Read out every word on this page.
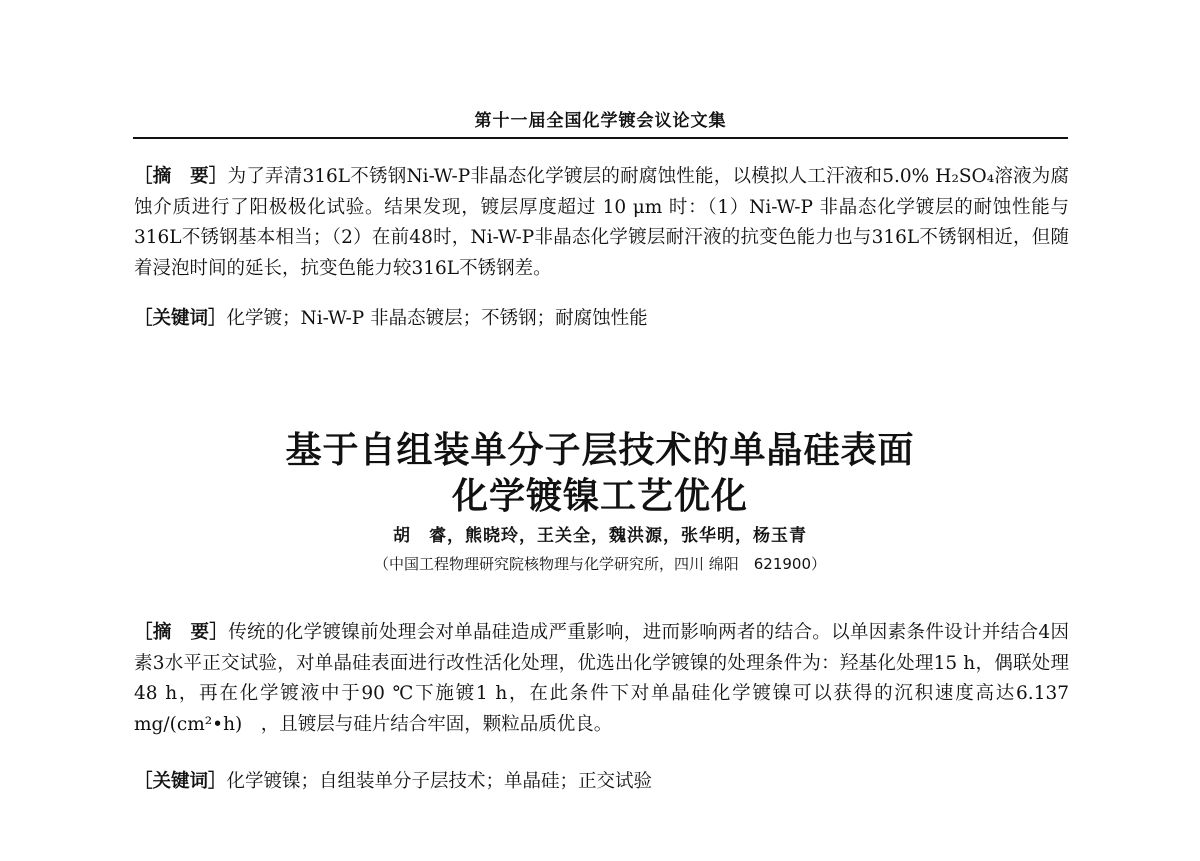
第十一届全国化学镀会议论文集

［摘　要］为了弄清316L不锈钢Ni-W-P非晶态化学镀层的耐腐蚀性能，以模拟人工汗液和5.0% H₂SO₄溶液为腐蚀介质进行了阳极极化试验。结果发现，镀层厚度超过 10 μm 时：（1）Ni-W-P 非晶态化学镀层的耐蚀性能与316L不锈钢基本相当；（2）在前48时，Ni-W-P非晶态化学镀层耐汗液的抗变色能力也与316L不锈钢相近，但随着浸泡时间的延长，抗变色能力较316L不锈钢差。

［关键词］化学镀；Ni-W-P 非晶态镀层；不锈钢；耐腐蚀性能

基于自组装单分子层技术的单晶硅表面
化学镀镍工艺优化
胡　睿，熊晓玲，王关全，魏洪源，张华明，杨玉青
（中国工程物理研究院核物理与化学研究所，四川 绵阳　621900）

［摘　要］传统的化学镀镍前处理会对单晶硅造成严重影响，进而影响两者的结合。以单因素条件设计并结合4因素3水平正交试验，对单晶硅表面进行改性活化处理，优选出化学镀镍的处理条件为：羟基化处理15 h，偶联处理48 h，再在化学镀液中于90 ℃下施镀1 h，在此条件下对单晶硅化学镀镍可以获得的沉积速度高达6.137 mg/(cm²•h)　，且镀层与硅片结合牢固，颗粒品质优良。

［关键词］化学镀镍；自组装单分子层技术；单晶硅；正交试验
